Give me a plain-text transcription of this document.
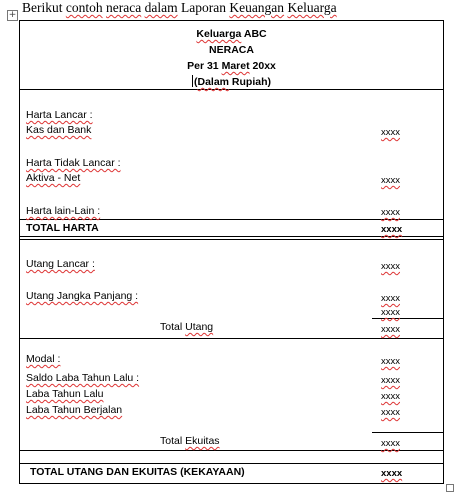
+ Berikut contoh neraca dalam Laporan Keuangan Keluarga
Keluarga ABC
NERACA
Per 31 Maret 20xx
(Dalam Rupiah)
Harta Lancar :
Kas dan Bank	xxxx
Harta Tidak Lancar :
Aktiva - Net	xxxx
Harta lain-Lain :	xxxx
TOTAL HARTA	xxxx
Utang Lancar :	xxxx
Utang Jangka Panjang :	xxxx
xxxx
Total Utang	xxxx
Modal :	xxxx
Saldo Laba Tahun Lalu :	xxxx
Laba Tahun Lalu	xxxx
Laba Tahun Berjalan	xxxx
Total Ekuitas	xxxx
TOTAL UTANG DAN EKUITAS (KEKAYAAN)	xxxx
